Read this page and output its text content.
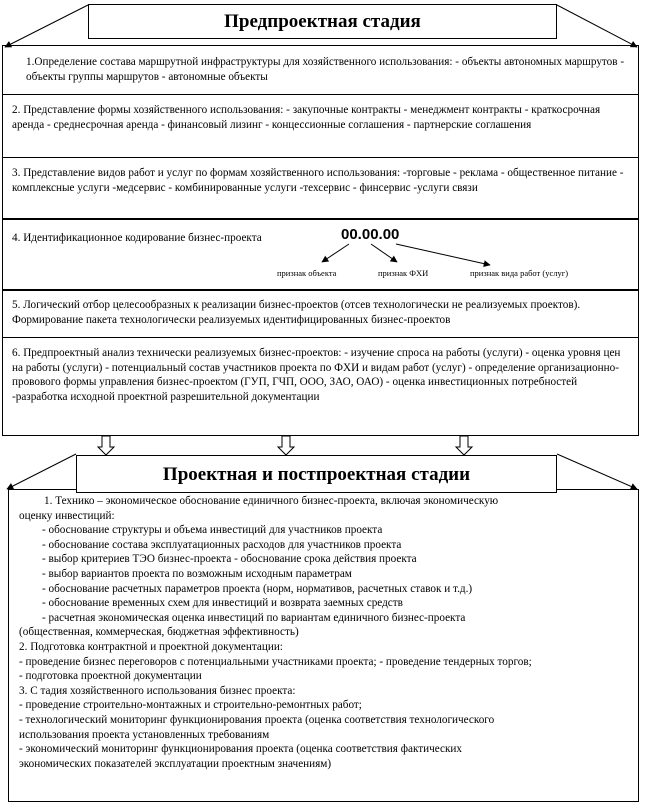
Предпроектная стадия
1.Определение состава маршрутной инфраструктуры для хозяйственного использования: - объекты автономных маршрутов - объекты группы маршрутов - автономные объекты
2. Представление формы хозяйственного использования: - закупочные контракты - менеджмент контракты - краткосрочная аренда - среднесрочная аренда - финансовый лизинг - концессионные соглашения - партнерские соглашения
3. Представление видов работ и услуг по формам хозяйственного использования: -торговые - реклама - общественное питание - комплексные услуги -медсервис - комбинированные услуги -техсервис - финсервис -услуги связи
4. Идентификационное кодирование бизнес-проекта	00.00.00
признак объекта	признак ФХИ	признак вида работ (услуг)
5. Логический отбор целесообразных к реализации бизнес-проектов (отсев технологически не реализуемых проектов). Формирование пакета технологически реализуемых идентифицированных бизнес-проектов
6. Предпроектный анализ технически реализуемых бизнес-проектов: - изучение спроса на работы (услуги) - оценка уровня цен на работы (услуги) - потенциальный состав участников проекта по ФХИ и видам работ (услуг) - определение организационно-провового формы управления бизнес-проектом (ГУП, ГЧП, ООО, ЗАО, ОАО) - оценка инвестиционных потребностей -разработка исходной проектной разрешительной документации
Проектная и постпроектная стадии
1. Технико – экономическое обоснование единичного бизнес-проекта, включая экономическую
оценку инвестиций:
- обоснование структуры и объема инвестиций для участников проекта
- обоснование состава эксплуатационных расходов для участников проекта
- выбор критериев ТЭО бизнес-проекта - обоснование срока действия проекта
- выбор вариантов проекта по возможным исходным параметрам
- обоснование расчетных параметров проекта (норм, нормативов, расчетных ставок и т.д.)
- обоснование временных схем для инвестиций и возврата заемных средств
- расчетная экономическая оценка инвестиций по вариантам единичного бизнес-проекта
(общественная, коммерческая, бюджетная эффективность)
2. Подготовка контрактной и проектной документации:
- проведение бизнес переговоров с потенциальными участниками проекта; - проведение тендерных торгов;
- подготовка проектной документации
3. С тадия хозяйственного использования бизнес проекта:
- проведение строительно-монтажных и строительно-ремонтных работ;
- технологический мониторинг функционирования проекта (оценка соответствия технологического
использования проекта установленных требованиям
- экономический мониторинг функционирования проекта (оценка соответствия фактических
экономических показателей эксплуатации проектным значениям)
